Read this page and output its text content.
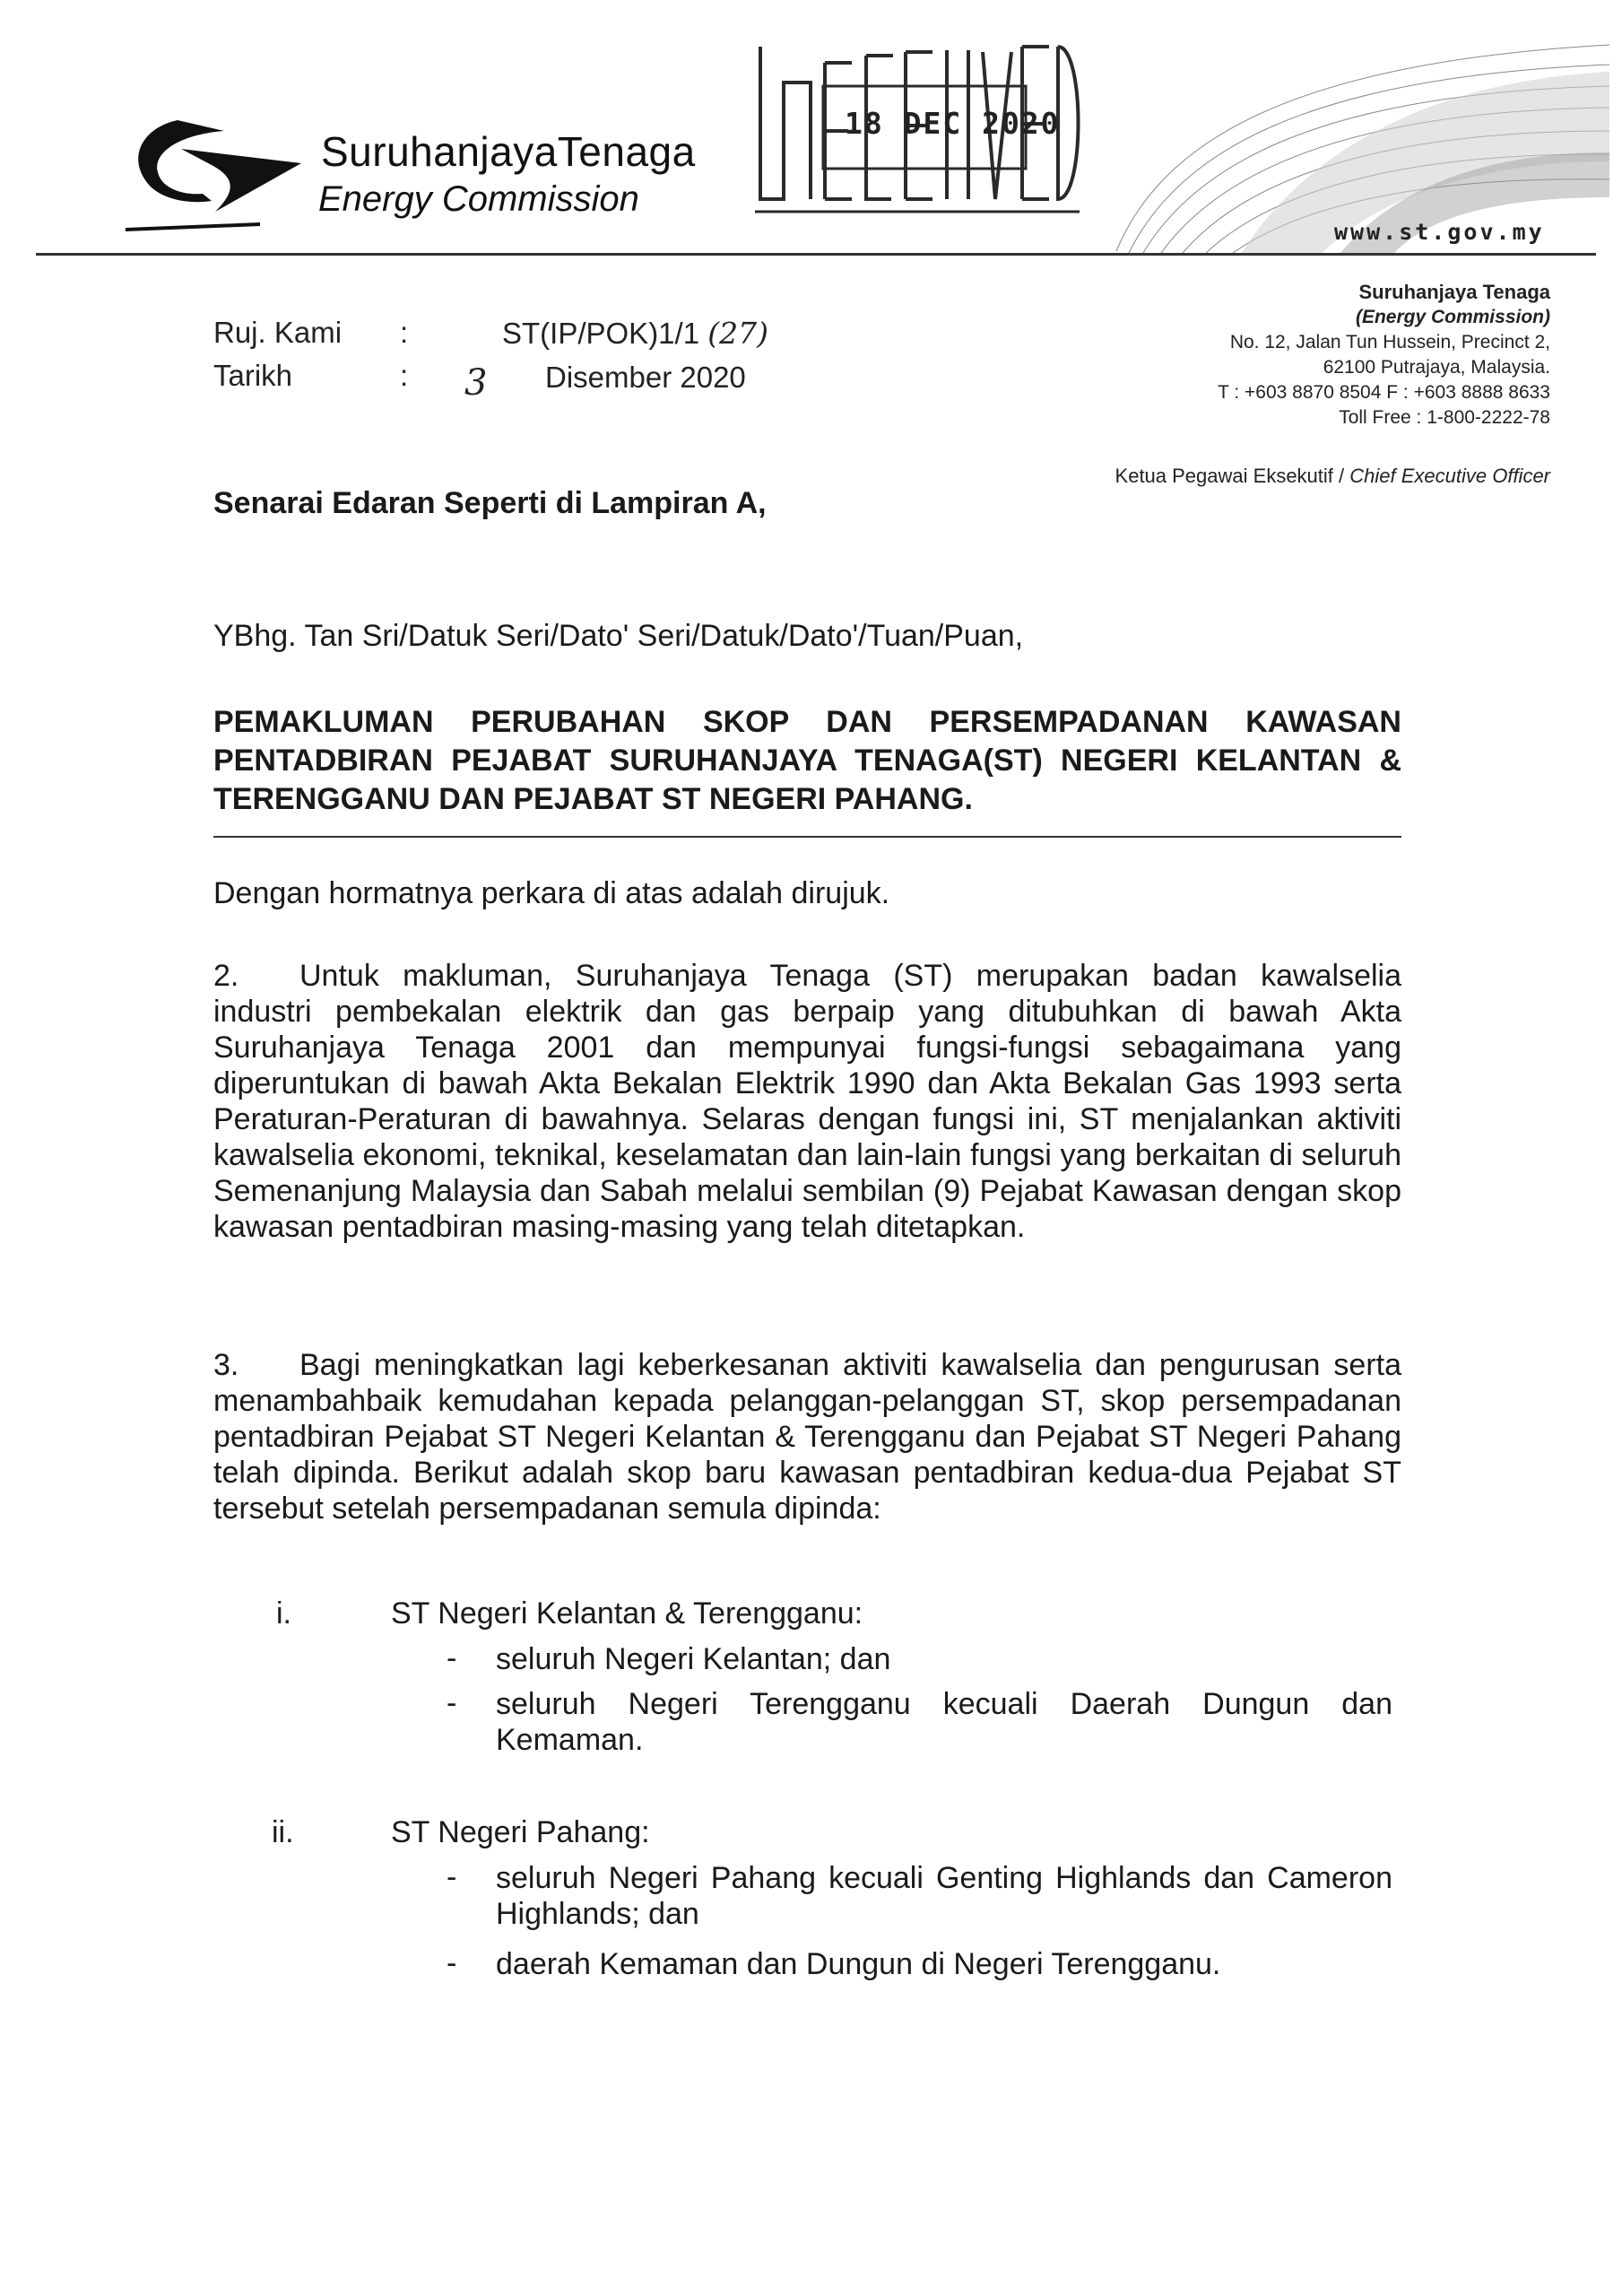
SuruhanjayaTenaga
Energy Commission
18 DEC 2020
www.st.gov.my
Suruhanjaya Tenaga
(Energy Commission)
No. 12, Jalan Tun Hussein, Precinct 2,
62100 Putrajaya, Malaysia.
T : +603 8870 8504 F : +603 8888 8633
Toll Free : 1-800-2222-78
Ketua Pegawai Eksekutif / Chief Executive Officer
Ruj. Kami :	ST(IP/POK)1/1 (27)
Tarikh	: 3 Disember 2020
Senarai Edaran Seperti di Lampiran A,
YBhg. Tan Sri/Datuk Seri/Dato' Seri/Datuk/Dato'/Tuan/Puan,
PEMAKLUMAN PERUBAHAN SKOP DAN PERSEMPADANAN KAWASAN PENTADBIRAN PEJABAT SURUHANJAYA TENAGA(ST) NEGERI KELANTAN & TERENGGANU DAN PEJABAT ST NEGERI PAHANG.
Dengan hormatnya perkara di atas adalah dirujuk.
2. Untuk makluman, Suruhanjaya Tenaga (ST) merupakan badan kawalselia industri pembekalan elektrik dan gas berpaip yang ditubuhkan di bawah Akta Suruhanjaya Tenaga 2001 dan mempunyai fungsi-fungsi sebagaimana yang diperuntukan di bawah Akta Bekalan Elektrik 1990 dan Akta Bekalan Gas 1993 serta Peraturan-Peraturan di bawahnya. Selaras dengan fungsi ini, ST menjalankan aktiviti kawalselia ekonomi, teknikal, keselamatan dan lain-lain fungsi yang berkaitan di seluruh Semenanjung Malaysia dan Sabah melalui sembilan (9) Pejabat Kawasan dengan skop kawasan pentadbiran masing-masing yang telah ditetapkan.
3. Bagi meningkatkan lagi keberkesanan aktiviti kawalselia dan pengurusan serta menambahbaik kemudahan kepada pelanggan-pelanggan ST, skop persempadanan pentadbiran Pejabat ST Negeri Kelantan & Terengganu dan Pejabat ST Negeri Pahang telah dipinda. Berikut adalah skop baru kawasan pentadbiran kedua-dua Pejabat ST tersebut setelah persempadanan semula dipinda:
i.	ST Negeri Kelantan & Terengganu:
- seluruh Negeri Kelantan; dan
- seluruh Negeri Terengganu kecuali Daerah Dungun dan Kemaman.
ii.	ST Negeri Pahang:
- seluruh Negeri Pahang kecuali Genting Highlands dan Cameron Highlands; dan
- daerah Kemaman dan Dungun di Negeri Terengganu.
